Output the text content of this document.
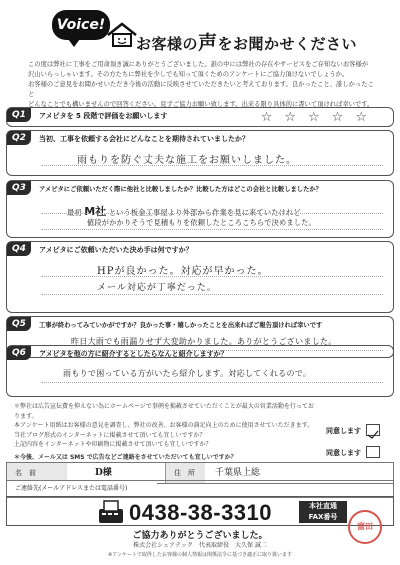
Voice!
お客様の声をお聞かせください
この度は弊社に工事をご用命頂き誠にありがとうございました。誰の中には弊社の存在やサービスをご存知ないお客様が
沢山いらっしゃいます。その方たちに弊社を少しでも知って頂くためのアンケートにご協力頂けないでしょうか。
お客様のご意見をお聞かせいただき今後の活動に反映させていただきたいと考えております。良かったこと、誰しかったこと
どんなことでも構いませんので回答ください。見ずご協力お願い致します。出来る限り具体的に書いて頂ければ幸いです。
Q1	アメピタを 5 段階で評価をお願いします	☆☆☆☆☆
Q2	当初、工事を依頼する会社にどんなことを期待されていましたか？
雨もりを防ぐ丈夫な施工をお願いしました。
Q3	アメピタにご依頼いただく際に他社と比較しましたか？比較した方はどこの会社と比較しましたか？
最初 M社 という板金工事屋より外部から作業を見に来ていたけれど
値段がかかりそうで見積もりを依頼したところこちらで決めました。
Q4	アメピタにご依頼いただいた決め手は何ですか？
HPが良かった。対応が早かった。
メール対応が丁寧だった。
Q5	工事が終わってみていかがですか？良かった事・嬉しかったことを出来ればご報告頂ければ幸いです
昨日大雨でも雨漏りせず大変助かりました。ありがとうございました。
Q6	アメピタを他の方に紹介するとしたらなんと紹介しますか？
雨もりで困っている方がいたら紹介します。対応してくれるので。
＊弊社は広告宣伝費を抑えない為にホームページで事例を掲載させていただくことが最大の営業活動を行っております。
本アンケート用紙はお客様の意見を調査し、弊社の改善、お客様の満足向上のために使用させていただきます。
当社ブログ形式のインターネットに掲載させて頂いても宜しいですか？
上記内容をインターネットや印刷物に掲載させて頂いても宜しいですか？
＊今後、メール又は SMS で広告などご連絡をさせていただいても宜しいですか？
同意します
同意します
名　前	D様	住　所	千葉県上総
ご連絡先(メールアドレスまたは電話番号)
0438-38-3310	本社直通
FAX番号
ご協力ありがとうございました。
株式会社シェアテック　代表取締役　大久保 誠二
※アンケートで取得したお客様の個人情報は関係法令に基づき適正に取り扱います
富田
